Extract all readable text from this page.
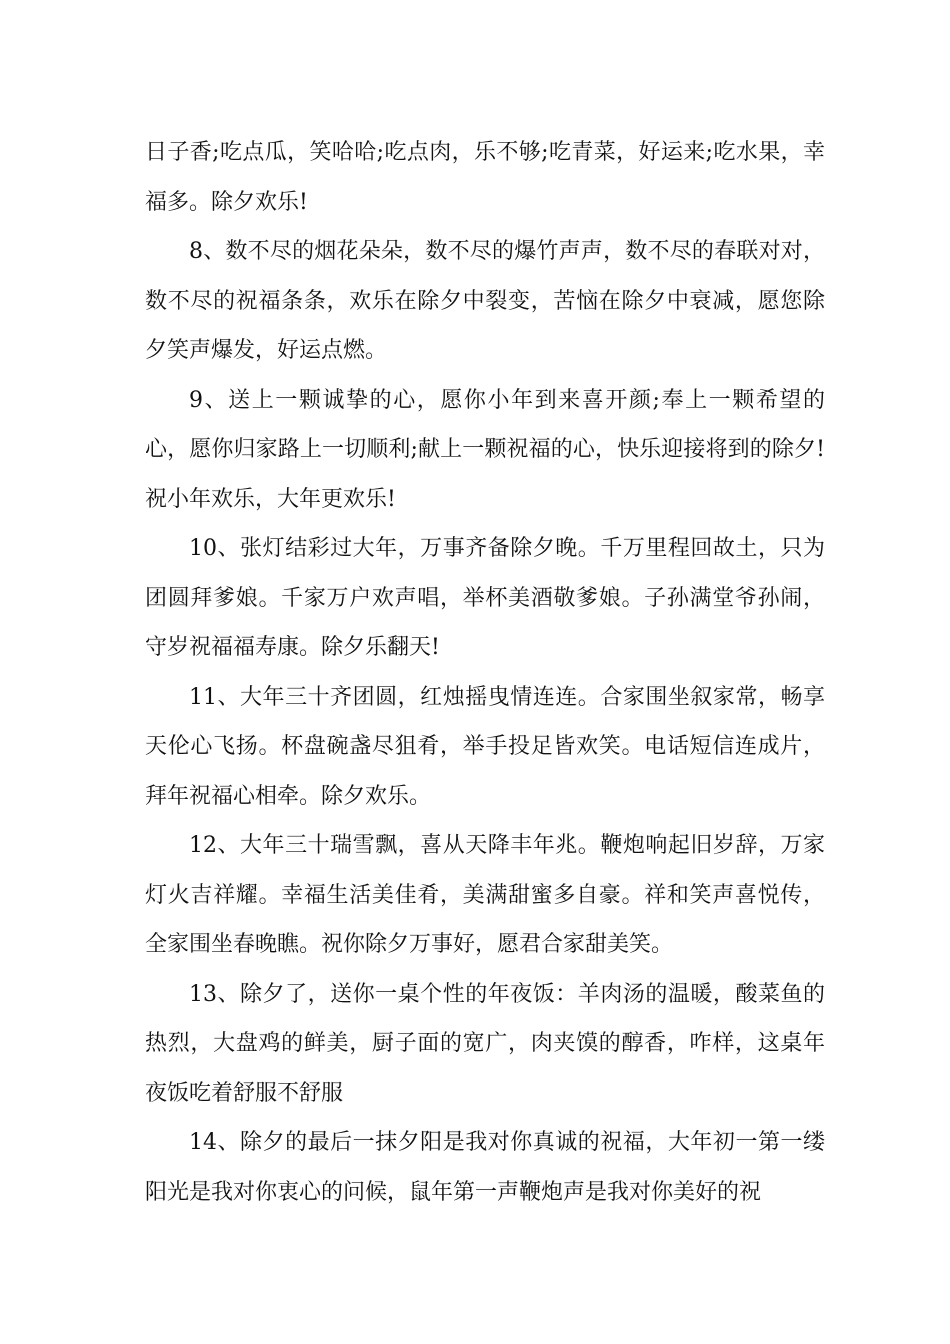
日子香;吃点瓜，笑哈哈;吃点肉，乐不够;吃青菜，好运来;吃水果，幸福多。除夕欢乐!

8、数不尽的烟花朵朵，数不尽的爆竹声声，数不尽的春联对对，数不尽的祝福条条，欢乐在除夕中裂变，苦恼在除夕中衰减，愿您除夕笑声爆发，好运点燃。

9、送上一颗诚挚的心，愿你小年到来喜开颜;奉上一颗希望的心，愿你归家路上一切顺利;献上一颗祝福的心，快乐迎接将到的除夕!祝小年欢乐，大年更欢乐!

10、张灯结彩过大年，万事齐备除夕晚。千万里程回故土，只为团圆拜爹娘。千家万户欢声唱，举杯美酒敬爹娘。子孙满堂爷孙闹，守岁祝福福寿康。除夕乐翻天!

11、大年三十齐团圆，红烛摇曳情连连。合家围坐叙家常，畅享天伦心飞扬。杯盘碗盏尽狙肴，举手投足皆欢笑。电话短信连成片，拜年祝福心相牵。除夕欢乐。

12、大年三十瑞雪飘，喜从天降丰年兆。鞭炮响起旧岁辞，万家灯火吉祥耀。幸福生活美佳肴，美满甜蜜多自豪。祥和笑声喜悦传，全家围坐春晚瞧。祝你除夕万事好，愿君合家甜美笑。

13、除夕了，送你一桌个性的年夜饭：羊肉汤的温暖，酸菜鱼的热烈，大盘鸡的鲜美，厨子面的宽广，肉夹馍的醇香，咋样，这桌年夜饭吃着舒服不舒服

14、除夕的最后一抹夕阳是我对你真诚的祝福，大年初一第一缕阳光是我对你衷心的问候，鼠年第一声鞭炮声是我对你美好的祝
